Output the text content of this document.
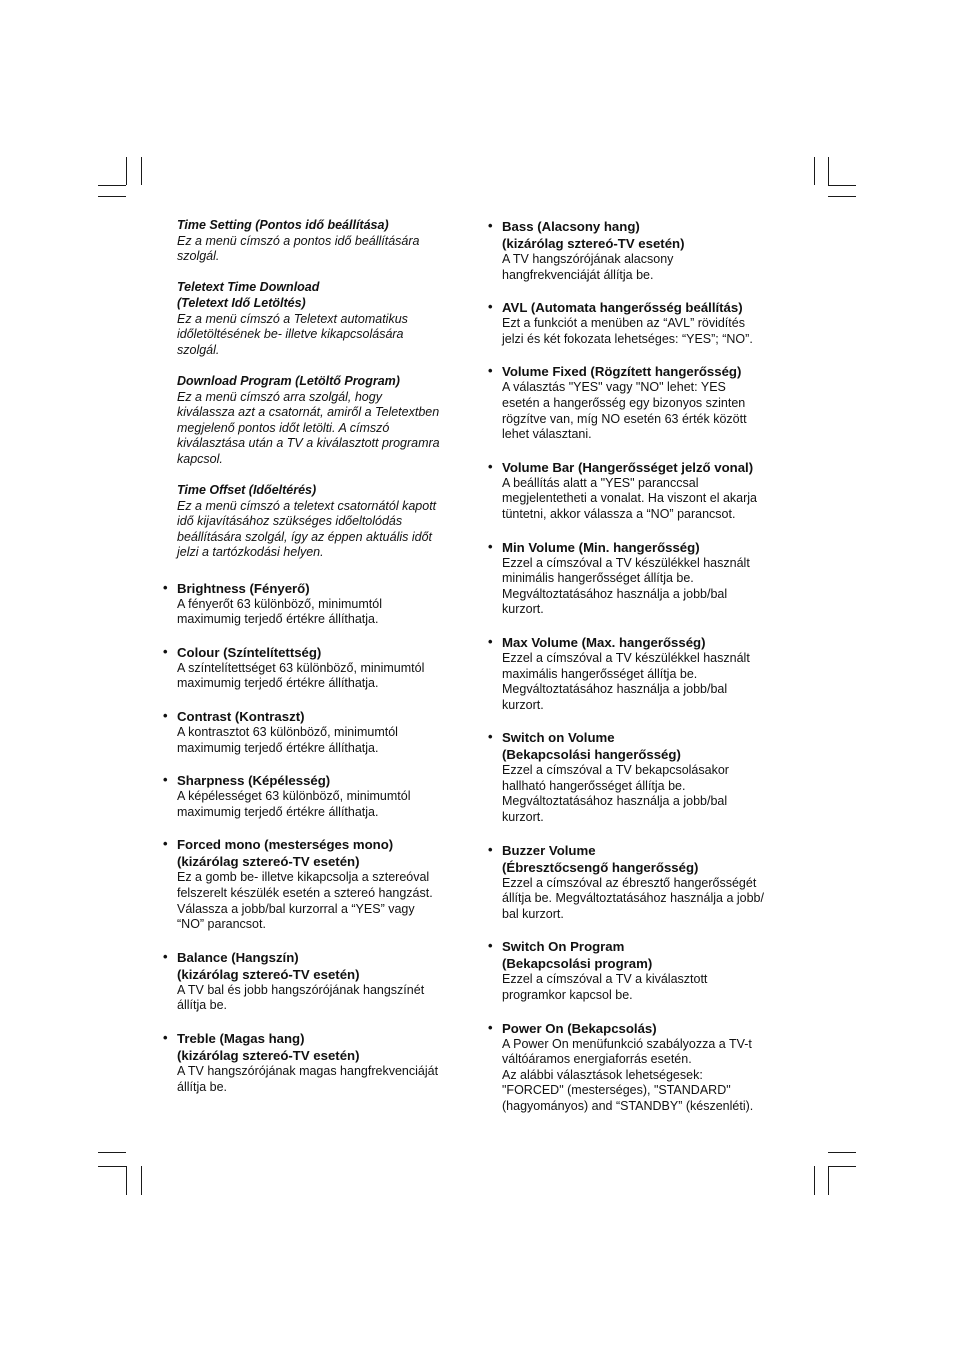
Time Setting (Pontos idő beállítása)
Ez a menü címszó a pontos idő beállítására
szolgál.
Teletext Time Download
(Teletext Idő Letöltés)
Ez a menü címszó a Teletext automatikus
időletöltésének be- illetve kikapcsolására
szolgál.
Download Program (Letöltő Program)
Ez a menü címszó arra szolgál, hogy
kiválassza azt a csatornát, amiről a Teletextben
megjelenő pontos időt letölti. A címszó
kiválasztása után a TV a kiválasztott programra
kapcsol.
Time Offset (Időeltérés)
Ez a menü címszó a teletext csatornától kapott
idő kijavításához szükséges időeltolódás
beállítására szolgál, így az éppen aktuális időt
jelzi a tartózkodási helyen.
• Brightness (Fényerő)
A fényerőt 63 különböző, minimumtól
maximumig terjedő értékre állíthatja.
• Colour (Színtelítettség)
A színtelítettséget 63 különböző, minimumtól
maximumig terjedő értékre állíthatja.
• Contrast (Kontraszt)
A kontrasztot 63 különböző, minimumtól
maximumig terjedő értékre állíthatja.
• Sharpness (Képélesség)
A képélességet 63 különböző, minimumtól
maximumig terjedő értékre állíthatja.
• Forced mono (mesterséges mono)
(kizárólag sztereó-TV esetén)
Ez a gomb be- illetve kikapcsolja a sztereóval
felszerelt készülék esetén a sztereó hangzást.
Válassza a jobb/bal kurzorral a “YES” vagy
“NO” parancsot.
• Balance (Hangszín)
(kizárólag sztereó-TV esetén)
A TV bal és jobb hangszórójának hangszínét
állítja be.
• Treble (Magas hang)
(kizárólag sztereó-TV esetén)
A TV hangszórójának magas hangfrekvenciáját
állítja be.
• Bass (Alacsony hang)
(kizárólag sztereó-TV esetén)
A TV hangszórójának alacsony
hangfrekvenciáját állítja be.
• AVL (Automata hangerősség beállítás)
Ezt a funkciót a menüben az “AVL” rövidítés
jelzi és két fokozata lehetséges: “YES”; “NO”.
• Volume Fixed (Rögzített hangerősség)
A választás "YES" vagy "NO" lehet: YES
esetén a hangerősség egy bizonyos szinten
rögzítve van, míg NO esetén 63 érték között
lehet választani.
• Volume Bar (Hangerősséget jelző vonal)
A beállítás alatt a "YES" paranccsal
megjelentetheti a vonalat. Ha viszont el akarja
tüntetni, akkor válassza a “NO” parancsot.
• Min Volume (Min. hangerősség)
Ezzel a címszóval a TV készülékkel használt
minimális hangerősséget állítja be.
Megváltoztatásához használja a jobb/bal
kurzort.
• Max Volume (Max. hangerősség)
Ezzel a címszóval a TV készülékkel használt
maximális hangerősséget állítja be.
Megváltoztatásához használja a jobb/bal
kurzort.
• Switch on Volume
(Bekapcsolási hangerősség)
Ezzel a címszóval a TV bekapcsolásakor
hallható hangerősséget állítja be.
Megváltoztatásához használja a jobb/bal
kurzort.
• Buzzer Volume
(Ébresztőcsengő hangerősség)
Ezzel a címszóval az ébresztő hangerősségét
állítja be. Megváltoztatásához használja a jobb/
bal kurzort.
• Switch On Program
(Bekapcsolási program)
Ezzel a címszóval a TV a kiválasztott
programkor kapcsol be.
• Power On (Bekapcsolás)
A Power On menüfunkció szabályozza a TV-t
váltóáramos energiaforrás esetén.
Az alábbi választások lehetségesek:
"FORCED" (mesterséges), "STANDARD"
(hagyományos) and “STANDBY” (készenléti).
